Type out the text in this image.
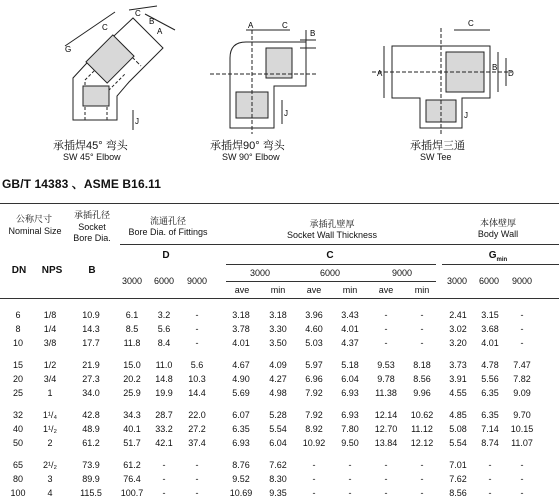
G
C
C
B
A
J
承插焊45° 弯头
SW 45° Elbow
A	C
B
J
承插焊90° 弯头
SW 90° Elbow
C
A
B
D
J
承插焊三通
SW Tee
GB/T 14383 、ASME B16.11
公称尺寸
Nominal Size
承插孔径
Socket
Bore Dia.
流通孔径
Bore Dia. of Fittings
承插孔壁厚
Socket Wall Thickness
本体壁厚
Body Wall
DN	NPS	B
D	C	$G_{min}$
3000	6000	9000
3000	6000	9000
ave	min	ave	min	ave	min
3000	6000	9000
6	1/8	10.9	6.1	3.2	-	3.18	3.18	3.96	3.43	-	-	2.41	3.15	-
8	1/4	14.3	8.5	5.6	-	3.78	3.30	4.60	4.01	-	-	3.02	3.68	-
10	3/8	17.7	11.8	8.4	-	4.01	3.50	5.03	4.37	-	-	3.20	4.01	-
15	1/2	21.9	15.0	11.0	5.6	4.67	4.09	5.97	5.18	9.53	8.18	3.73	4.78	7.47
20	3/4	27.3	20.2	14.8	10.3	4.90	4.27	6.96	6.04	9.78	8.56	3.91	5.56	7.82
25	1	34.0	25.9	19.9	14.4	5.69	4.98	7.92	6.93	11.38	9.96	4.55	6.35	9.09
32	1¹/₄	42.8	34.3	28.7	22.0	6.07	5.28	7.92	6.93	12.14	10.62	4.85	6.35	9.70
40	1¹/₂	48.9	40.1	33.2	27.2	6.35	5.54	8.92	7.80	12.70	11.12	5.08	7.14	10.15
50	2	61.2	51.7	42.1	37.4	6.93	6.04	10.92	9.50	13.84	12.12	5.54	8.74	11.07
65	2¹/₂	73.9	61.2	-	-	8.76	7.62	-	-	-	-	7.01	-	-
80	3	89.9	76.4	-	-	9.52	8.30	-	-	-	-	7.62	-	-
100	4	115.5	100.7	-	-	10.69	9.35	-	-	-	-	8.56	-	-
